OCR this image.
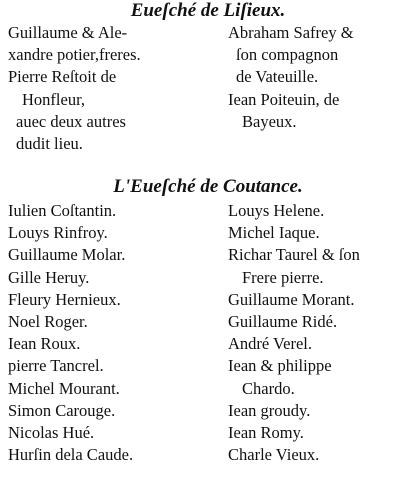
Eueſché de Liſieux.
Guillaume & Ale-
xandre potier,freres.
Pierre Reſtoit de
Honfleur,
auec deux autres
dudit lieu.
Abraham Safrey &
ſon compagnon
de Vateuille.
Iean Poiteuin, de
Bayeux.
L'Eueſché de Coutance.
Iulien Coſtantin.
Louys Rinfroy.
Guillaume Molar.
Gille Heruy.
Fleury Hernieux.
Noel Roger.
Iean Roux.
pierre Tancrel.
Michel Mourant.
Simon Carouge.
Nicolas Hué.
Hurſin dela Caude.
Louys Helene.
Michel Iaque.
Richar Taurel & ſon
Frere pierre.
Guillaume Morant.
Guillaume Ridé.
André Verel.
Iean & philippe
Chardo.
Iean groudy.
Iean Romy.
Charle Vieux.
